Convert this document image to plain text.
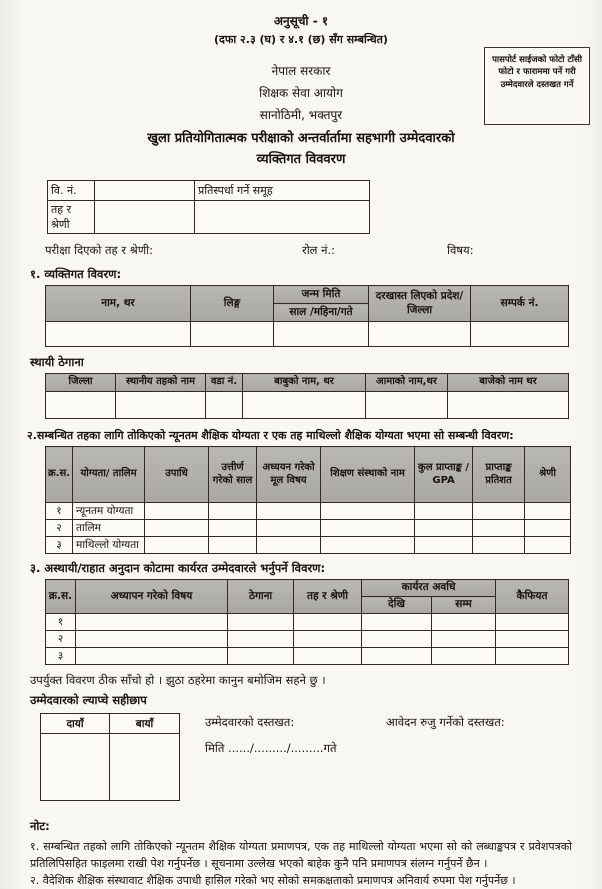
अनुसूची - १
(दफा २.३ (घ) र ४.१ (छ) सँग सम्बन्धित)
नेपाल सरकार
शिक्षक सेवा आयोग
सानोठिमी, भक्तपुर
खुला प्रतियोगितात्मक परीक्षाको अन्तर्वार्तामा सहभागी उम्मेदवारको
व्यक्तिगत विववरण
पासपोर्ट साईजको फोटो टाँसी फोटो र फाराममा पर्ने गरी उम्मेदवारले दस्तखत गर्ने
वि. नं.		प्रतिस्पर्धा गर्ने समूह
तह र श्रेणी		
परीक्षा दिएको तह र श्रेणी:	रोल नं.:	विषय:
१. व्यक्तिगत विवरण:
नाम, थर	लिङ्ग	जन्म मिति	दरखास्त लिएको प्रदेश/ जिल्ला	सम्पर्क नं.
		साल /महिना/गते		

स्थायी ठेगाना
जिल्ला	स्थानीय तहको नाम	वडा नं.	बाबुको नाम, थर	आमाको नाम,थर	बाजेको नाम थर

२.सम्बन्धित तहका लागि तोकिएको न्यूनतम शैक्षिक योग्यता र एक तह माथिल्लो शैक्षिक योग्यता भएमा सो सम्बन्धी विवरण:
क्र.स.	योग्यता/ तालिम	उपाधि	उत्तीर्ण गरेको साल	अध्ययन गरेको मूल विषय	शिक्षण संस्थाको नाम	कुल प्राप्ताङ्क / GPA	प्राप्ताङ्क प्रतिशत	श्रेणी
१	न्यूनतम योग्यता							
२	तालिम							
३	माथिल्लो योग्यता							
३. अस्थायी/राहात अनुदान कोटामा कार्यरत उम्मेदवारले भर्नुपर्ने विवरण:
क्र.स.	अध्यापन गरेको विषय	ठेगाना	तह र श्रेणी	कार्यरत अवधि		कैफियत
				देखि	सम्म	
१						
२						
३						
उपर्युक्त विवरण ठीक साँचो हो । झुठा ठहरेमा कानुन बमोजिम सहने छु ।
उम्मेदवारको ल्याप्चे सहीछाप
दायाँ	बायाँ	उम्मेदवारको दस्तखत:	आवेदन रुजु गर्नेको दस्तखत:
मिति ....../........./.........गते
नोट:
१. सम्बन्धित तहको लागि तोकिएको न्यूनतम शैक्षिक योग्यता प्रमाणपत्र, एक तह माथिल्लो योग्यता भएमा सो को लब्धाङ्कपत्र र प्रवेशपत्रको प्रतिलिपिसहित फाइलमा राखी पेश गर्नुपर्नेछ । सूचनामा उल्लेख भएको बाहेक कुनै पनि प्रमाणपत्र संलग्न गर्नुपर्ने छैन ।
२. वैदेशिक शैक्षिक संस्थावाट शैक्षिक उपाधी हासिल गरेको भए सोको समकक्षताको प्रमाणपत्र अनिवार्य रुपमा पेश गर्नुपर्नेछ ।
